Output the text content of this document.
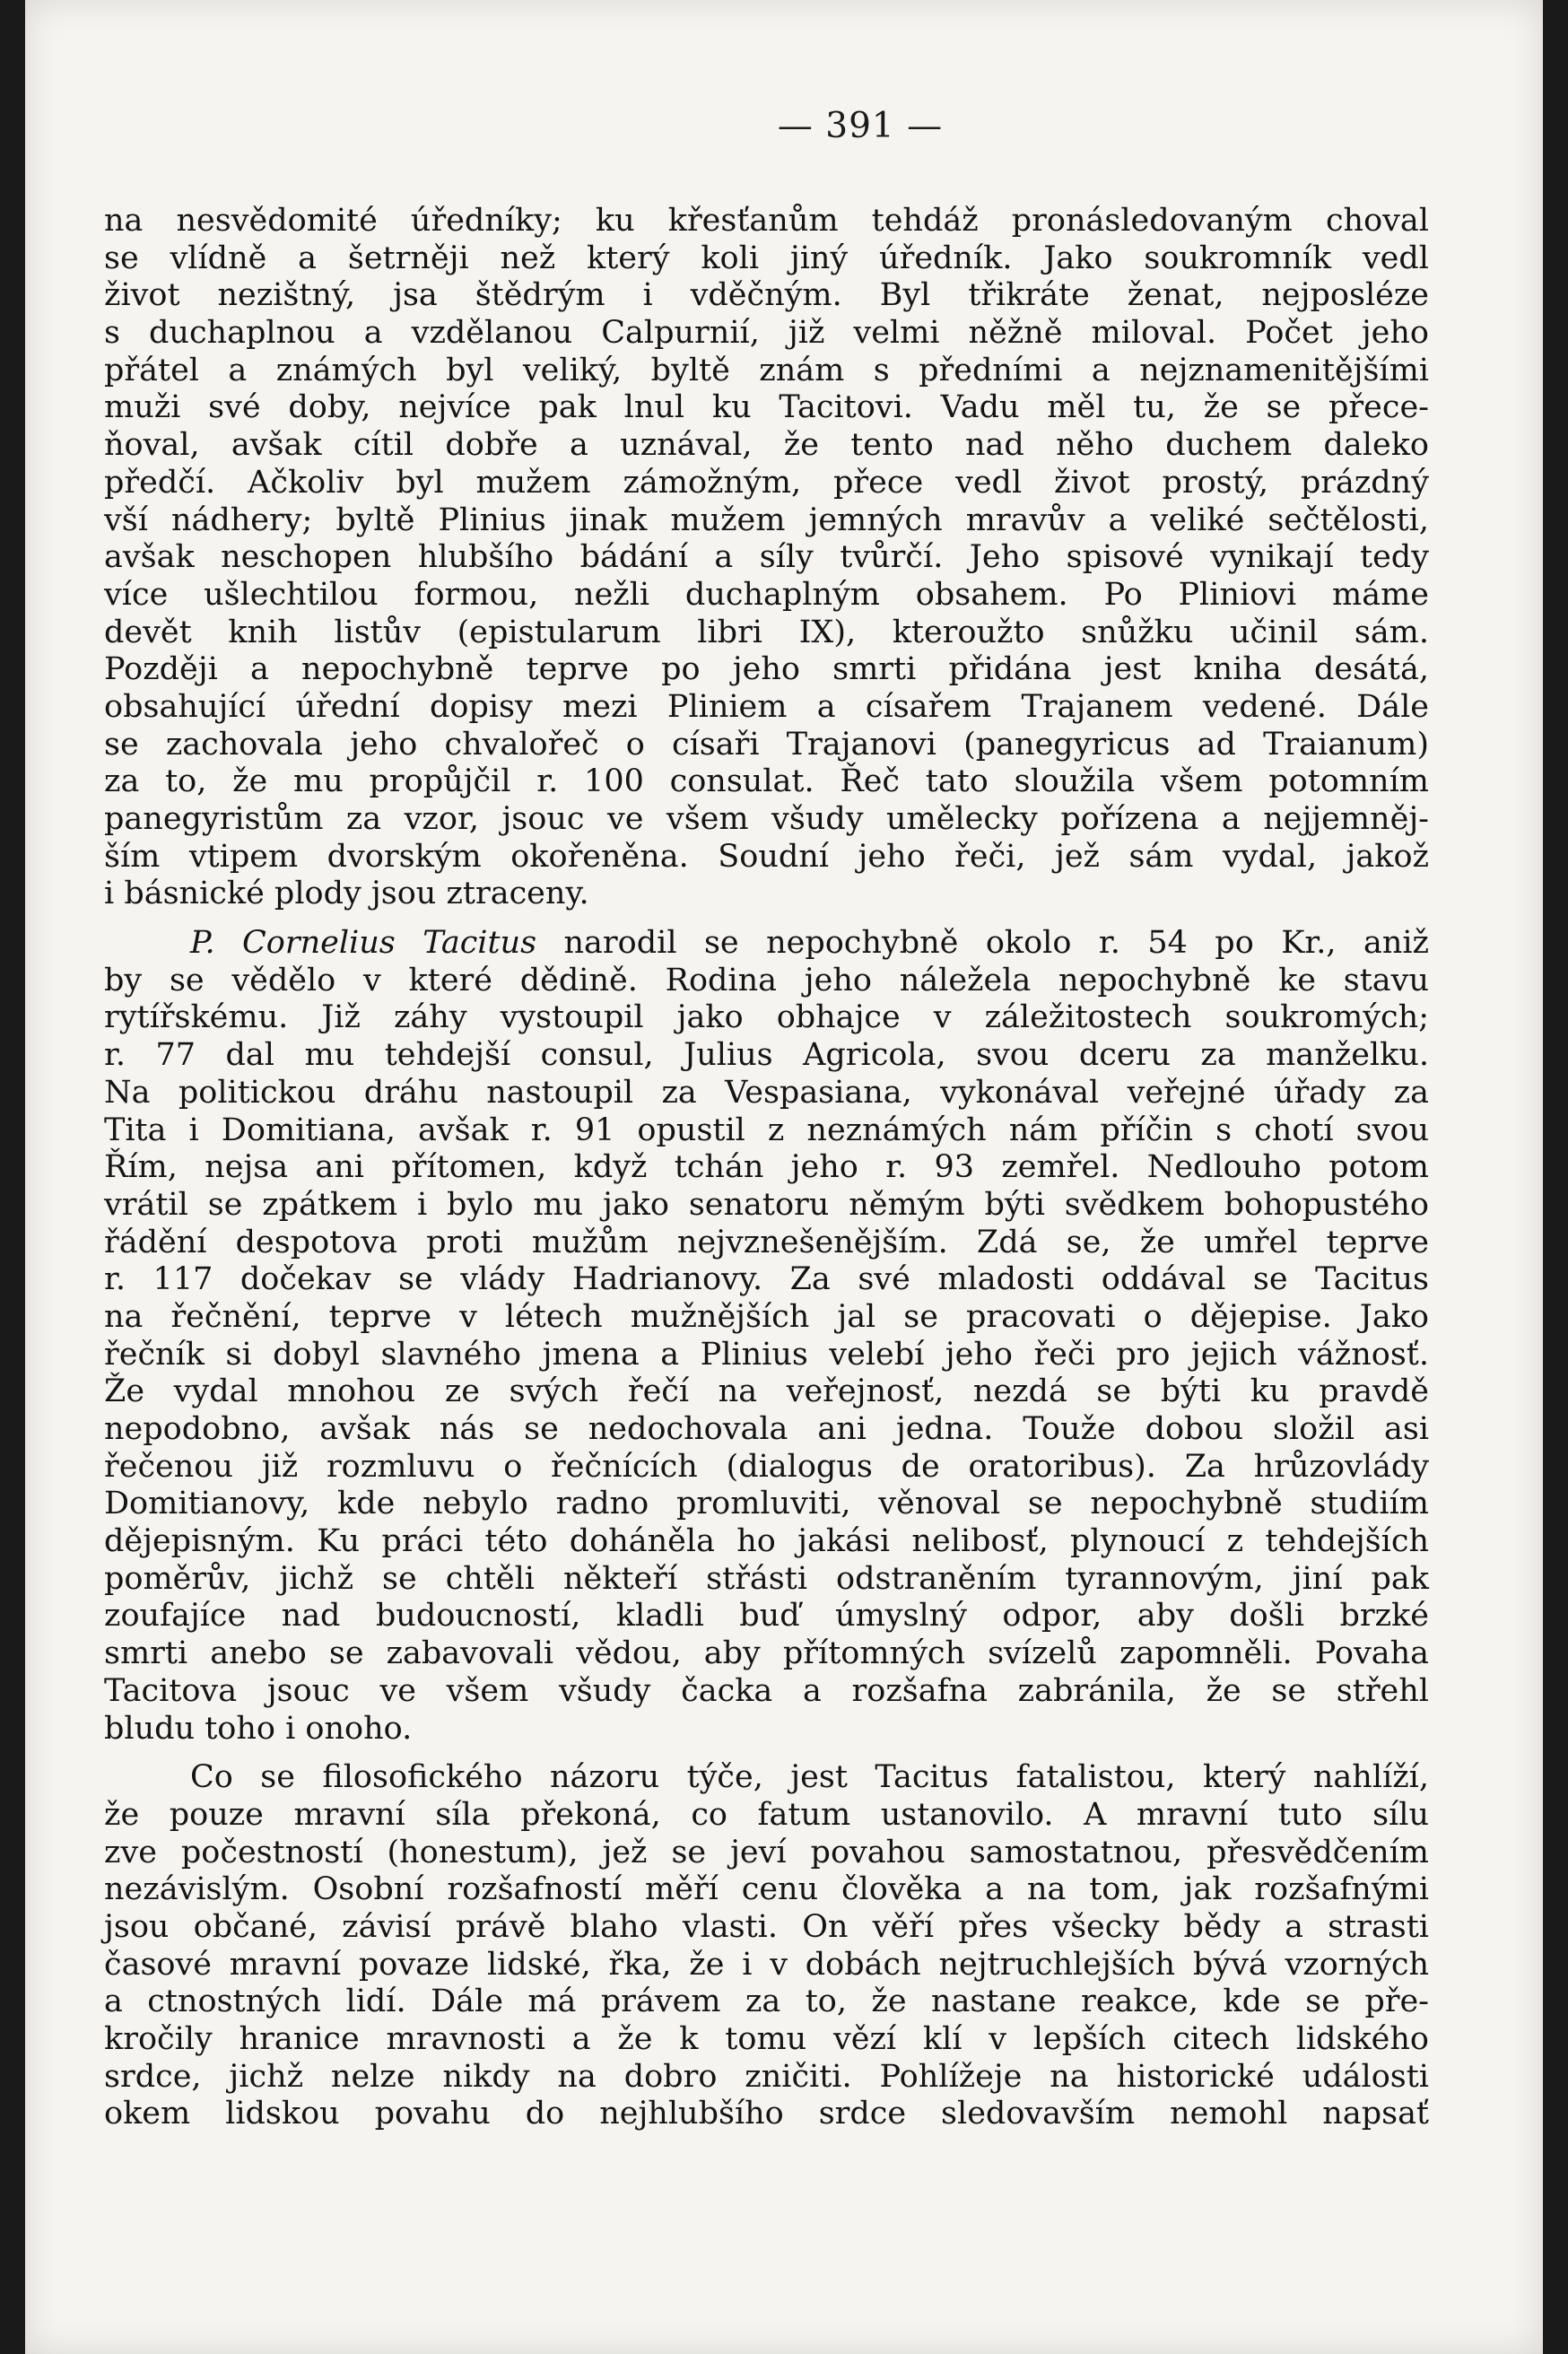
— 391 —
na nesvědomité úředníky; ku křesťanům tehdáž pronásledovaným choval
se vlídně a šetrněji než který koli jiný úředník. Jako soukromník vedl
život nezištný, jsa štědrým i vděčným. Byl třikráte ženat, nejposléze
s duchaplnou a vzdělanou Calpurnií, již velmi něžně miloval. Počet jeho
přátel a známých byl veliký, byltě znám s předními a nejznamenitějšími
muži své doby, nejvíce pak lnul ku Tacitovi. Vadu měl tu, že se přece-
ňoval, avšak cítil dobře a uznával, že tento nad něho duchem daleko
předčí. Ačkoliv byl mužem zámožným, přece vedl život prostý, prázdný
vší nádhery; byltě Plinius jinak mužem jemných mravův a veliké sečtělosti,
avšak neschopen hlubšího bádání a síly tvůrčí. Jeho spisové vynikají tedy
více ušlechtilou formou, nežli duchaplným obsahem. Po Pliniovi máme
devět knih listův (epistularum libri IX), kteroužto snůžku učinil sám.
Později a nepochybně teprve po jeho smrti přidána jest kniha desátá,
obsahující úřední dopisy mezi Pliniem a císařem Trajanem vedené. Dále
se zachovala jeho chvalořeč o císaři Trajanovi (panegyricus ad Traianum)
za to, že mu propůjčil r. 100 consulat. Řeč tato sloužila všem potomním
panegyristům za vzor, jsouc ve všem všudy umělecky pořízena a nejjemněj-
ším vtipem dvorským okořeněna. Soudní jeho řeči, jež sám vydal, jakož
i básnické plody jsou ztraceny.
P. Cornelius Tacitus narodil se nepochybně okolo r. 54 po Kr., aniž
by se vědělo v které dědině. Rodina jeho náležela nepochybně ke stavu
rytířskému. Již záhy vystoupil jako obhajce v záležitostech soukromých;
r. 77 dal mu tehdejší consul, Julius Agricola, svou dceru za manželku.
Na politickou dráhu nastoupil za Vespasiana, vykonával veřejné úřady za
Tita i Domitiana, avšak r. 91 opustil z neznámých nám příčin s chotí svou
Řím, nejsa ani přítomen, když tchán jeho r. 93 zemřel. Nedlouho potom
vrátil se zpátkem i bylo mu jako senatoru němým býti svědkem bohopustého
řádění despotova proti mužům nejvznešenějším. Zdá se, že umřel teprve
r. 117 dočekav se vlády Hadrianovy. Za své mladosti oddával se Tacitus
na řečnění, teprve v létech mužnějších jal se pracovati o dějepise. Jako
řečník si dobyl slavného jmena a Plinius velebí jeho řeči pro jejich vážnosť.
Že vydal mnohou ze svých řečí na veřejnosť, nezdá se býti ku pravdě
nepodobno, avšak nás se nedochovala ani jedna. Touže dobou složil asi
řečenou již rozmluvu o řečnících (dialogus de oratoribus). Za hrůzovlády
Domitianovy, kde nebylo radno promluviti, věnoval se nepochybně studiím
dějepisným. Ku práci této doháněla ho jakási nelibosť, plynoucí z tehdejších
poměrův, jichž se chtěli někteří střásti odstraněním tyrannovým, jiní pak
zoufajíce nad budoucností, kladli buď úmyslný odpor, aby došli brzké
smrti anebo se zabavovali vědou, aby přítomných svízelů zapomněli. Povaha
Tacitova jsouc ve všem všudy čacka a rozšafna zabránila, že se střehl
bludu toho i onoho.
Co se filosofického názoru týče, jest Tacitus fatalistou, který nahlíží,
že pouze mravní síla překoná, co fatum ustanovilo. A mravní tuto sílu
zve počestností (honestum), jež se jeví povahou samostatnou, přesvědčením
nezávislým. Osobní rozšafností měří cenu člověka a na tom, jak rozšafnými
jsou občané, závisí právě blaho vlasti. On věří přes všecky bědy a strasti
časové mravní povaze lidské, řka, že i v dobách nejtruchlejších bývá vzorných
a ctnostných lidí. Dále má právem za to, že nastane reakce, kde se pře-
kročily hranice mravnosti a že k tomu vězí klí v lepších citech lidského
srdce, jichž nelze nikdy na dobro zničiti. Pohlížeje na historické události
okem lidskou povahu do nejhlubšího srdce sledovavším nemohl napsať
